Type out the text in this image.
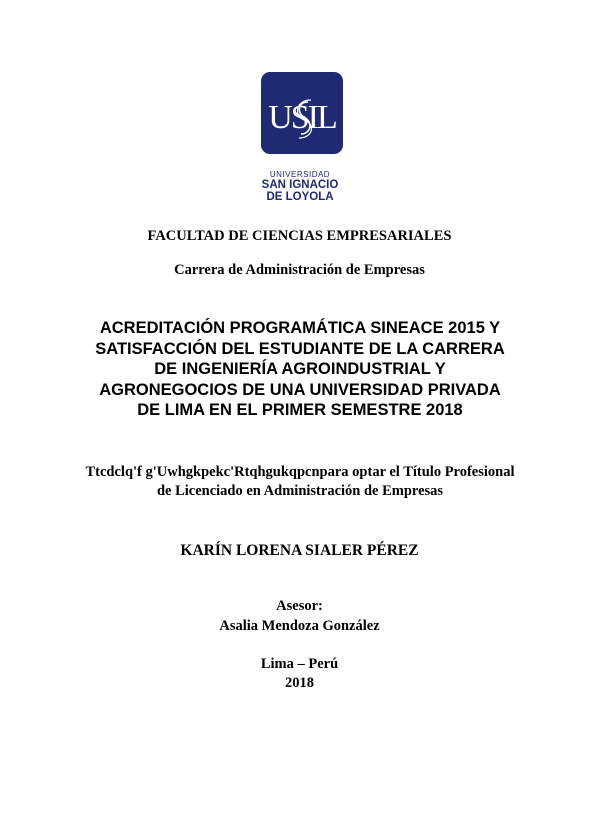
USIL
UNIVERSIDAD
SAN IGNACIO
DE LOYOLA
FACULTAD DE CIENCIAS EMPRESARIALES
Carrera de Administración de Empresas
ACREDITACIÓN PROGRAMÁTICA SINEACE 2015 Y
SATISFACCIÓN DEL ESTUDIANTE DE LA CARRERA
DE INGENIERÍA AGROINDUSTRIAL Y
AGRONEGOCIOS DE UNA UNIVERSIDAD PRIVADA
DE LIMA EN EL PRIMER SEMESTRE 2018
Ttcdclq'f g'Uwhgkpekc'Rtqhgukqpcnpara optar el Título Profesional
de Licenciado en Administración de Empresas
KARÍN LORENA SIALER PÉREZ
Asesor:
Asalia Mendoza González
Lima – Perú
2018
